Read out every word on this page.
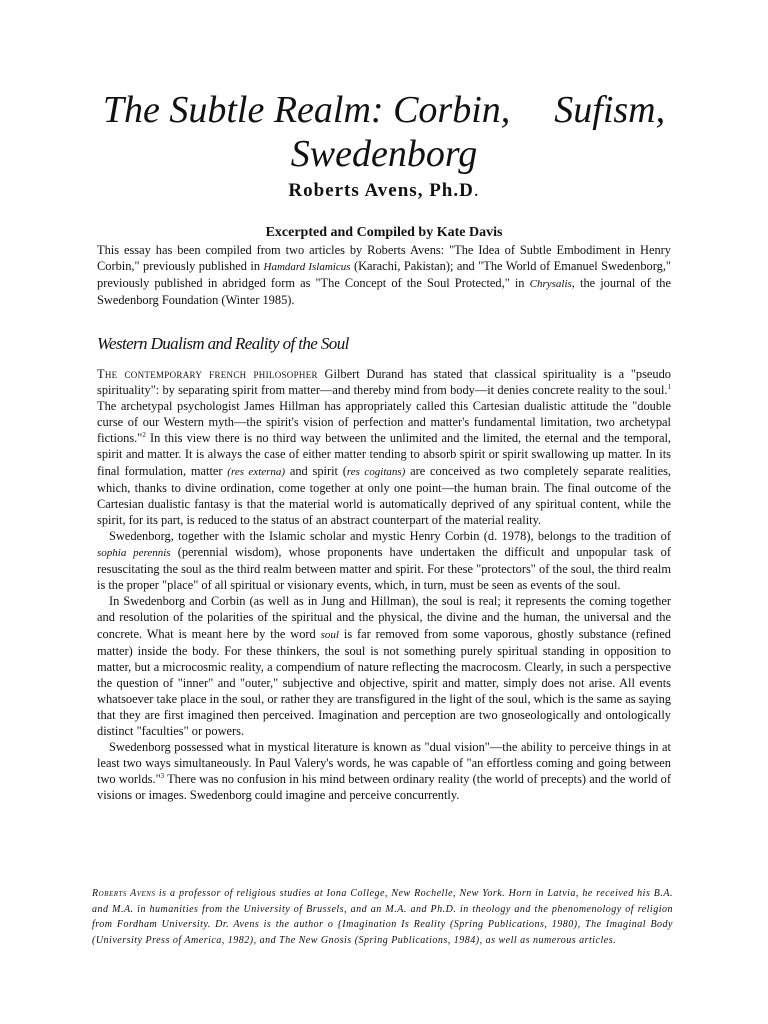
The Subtle Realm: Corbin, Sufism,
Swedenborg
Roberts Avens, Ph.D.
Excerpted and Compiled by Kate Davis

This essay has been compiled from two articles by Roberts Avens: "The Idea of Subtle Embodiment in Henry Corbin," previously published in Hamdard Islamicus (Karachi, Pakistan); and "The World of Emanuel Swedenborg," previously published in abridged form as "The Concept of the Soul Protected," in Chrysalis, the journal of the Swedenborg Foundation (Winter 1985).

Western Dualism and Reality of the Soul

The contemporary french philosopher Gilbert Durand has stated that classical spirituality is a "pseudo spirituality": by separating spirit from matter—and thereby mind from body—it denies concrete reality to the soul.$^1$ The archetypal psychologist James Hillman has appropriately called this Cartesian dualistic attitude the "double curse of our Western myth—the spirit's vision of perfection and matter's fundamental limitation, two archetypal fictions."$^2$ In this view there is no third way between the unlimited and the limited, the eternal and the temporal, spirit and matter. It is always the case of either matter tending to absorb spirit or spirit swallowing up matter. In its final formulation, matter (res externa) and spirit (res cogitans) are conceived as two completely separate realities, which, thanks to divine ordination, come together at only one point—the human brain. The final outcome of the Cartesian dualistic fantasy is that the material world is automatically deprived of any spiritual content, while the spirit, for its part, is reduced to the status of an abstract counterpart of the material reality.

Swedenborg, together with the Islamic scholar and mystic Henry Corbin (d. 1978), belongs to the tradition of sophia perennis (perennial wisdom), whose proponents have undertaken the difficult and unpopular task of resuscitating the soul as the third realm between matter and spirit. For these "protectors" of the soul, the third realm is the proper "place" of all spiritual or visionary events, which, in turn, must be seen as events of the soul.

In Swedenborg and Corbin (as well as in Jung and Hillman), the soul is real; it represents the coming together and resolution of the polarities of the spiritual and the physical, the divine and the human, the universal and the concrete. What is meant here by the word soul is far removed from some vaporous, ghostly substance (refined matter) inside the body. For these thinkers, the soul is not something purely spiritual standing in opposition to matter, but a microcosmic reality, a compendium of nature reflecting the macrocosm. Clearly, in such a perspective the question of "inner" and "outer," subjective and objective, spirit and matter, simply does not arise. All events whatsoever take place in the soul, or rather they are transfigured in the light of the soul, which is the same as saying that they are first imagined then perceived. Imagination and perception are two gnoseologically and ontologically distinct "faculties" or powers.

Swedenborg possessed what in mystical literature is known as "dual vision"—the ability to perceive things in at least two ways simultaneously. In Paul Valery's words, he was capable of "an effortless coming and going between two worlds."$^3$ There was no confusion in his mind between ordinary reality (the world of precepts) and the world of visions or images. Swedenborg could imagine and perceive concurrently.

Roberts Avens is a professor of religious studies at Iona College, New Rochelle, New York. Horn in Latvia, he received his B.A. and M.A. in humanities from the University of Brussels, and an M.A. and Ph.D. in theology and the phenomenology of religion from Fordham University. Dr. Avens is the author o {Imagination Is Reality (Spring Publications, 1980), The Imaginal Body (University Press of America, 1982), and The New Gnosis (Spring Publications, 1984), as well as numerous articles.
